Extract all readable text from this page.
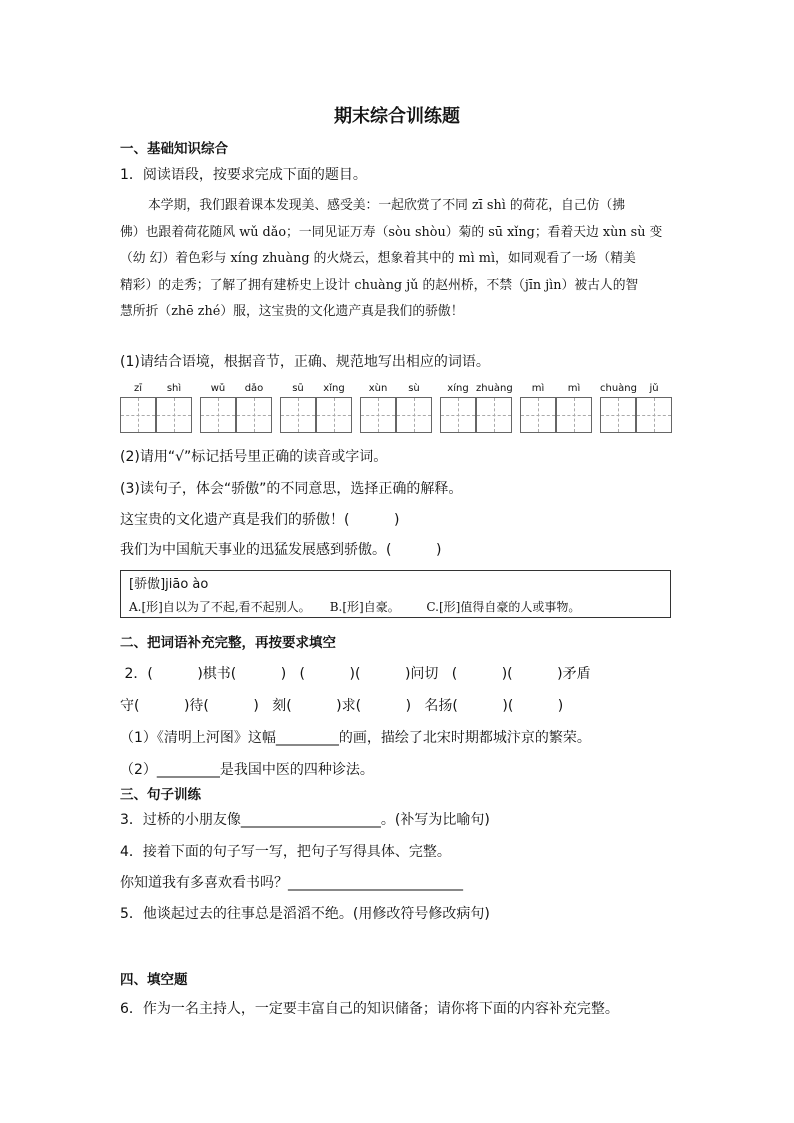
期末综合训练题
一、基础知识综合
1．阅读语段，按要求完成下面的题目。

本学期，我们跟着课本发现美、感受美：一起欣赏了不同 zī shì 的荷花，自己仿（拂

佛）也跟着荷花随风 wǔ dǎo；一同见证万寿（sòu shòu）菊的 sū xǐng；看着天边 xùn sù 变

（幼 幻）着色彩与 xíng zhuàng 的火烧云，想象着其中的 mì mì，如同观看了一场（精美

精彩）的走秀；了解了拥有建桥史上设计 chuàng jǔ 的赵州桥，不禁（jīn jìn）被古人的智

慧所折（zhē zhé）服，这宝贵的文化遗产真是我们的骄傲！

(1)请结合语境，根据音节，正确、规范地写出相应的词语。
zī	shì	wǔ	dǎo	sū	xǐng	xùn	sù	xíng zhuàng	mì	mì	chuàng	jǔ
(2)请用“√”标记括号里正确的读音或字词。
(3)读句子，体会“骄傲”的不同意思，选择正确的解释。
这宝贵的文化遗产真是我们的骄傲！(          )
我们为中国航天事业的迅猛发展感到骄傲。(          )
[骄傲]jiāo ào
A.[形]自以为了不起,看不起别人。     B.[形]自豪。       C.[形]值得自豪的人或事物。
二、把词语补充完整，再按要求填空
2．(          )棋书(          )   (          )(          )问切   (          )(          )矛盾
守(          )待(          )   刻(          )求(          )   名扬(          )(          )
（1）《清明上河图》这幅_________的画，描绘了北宋时期都城汴京的繁荣。
（2）_________是我国中医的四种诊法。
三、句子训练
3．过桥的小朋友像____________________。(补写为比喻句)
4．接着下面的句子写一写，把句子写得具体、完整。
你知道我有多喜欢看书吗？_________________________
5．他谈起过去的往事总是滔滔不绝。(用修改符号修改病句)
四、填空题
6．作为一名主持人，一定要丰富自己的知识储备；请你将下面的内容补充完整。
